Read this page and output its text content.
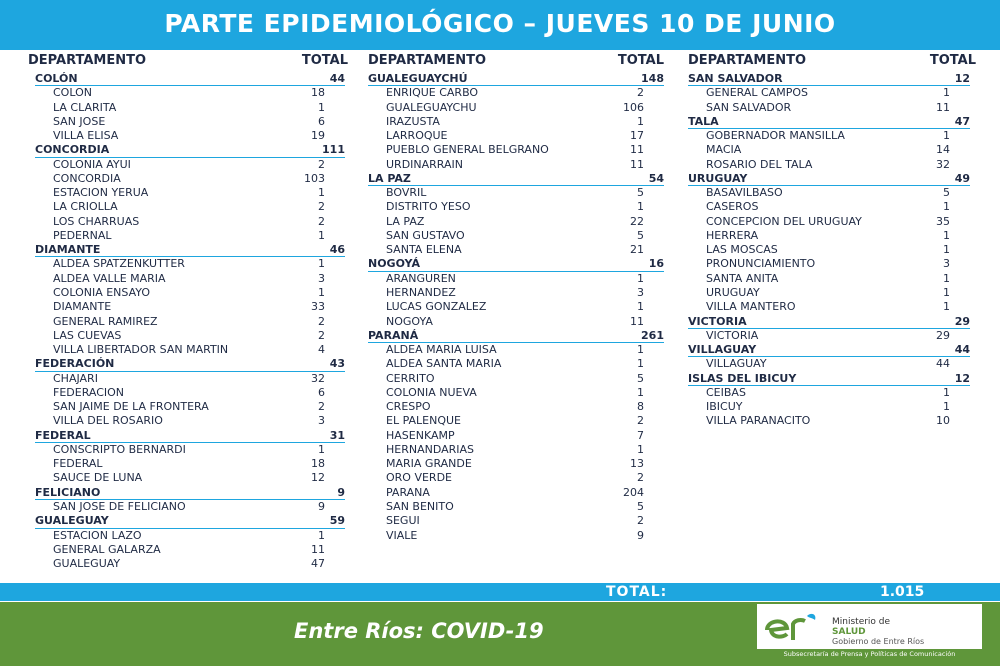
PARTE EPIDEMIOLÓGICO – JUEVES 10 DE JUNIO
DEPARTAMENTO	TOTAL DEPARTAMENTO	TOTAL DEPARTAMENTO	TOTAL
COLÓN	44
COLON	18
LA CLARITA	1
SAN JOSE	6
VILLA ELISA	19
CONCORDIA	111
COLONIA AYUI	2
CONCORDIA	103
ESTACION YERUA	1
LA CRIOLLA	2
LOS CHARRUAS	2
PEDERNAL	1
DIAMANTE	46
ALDEA SPATZENKUTTER	1
ALDEA VALLE MARIA	3
COLONIA ENSAYO	1
DIAMANTE	33
GENERAL RAMIREZ	2
LAS CUEVAS	2
VILLA LIBERTADOR SAN MARTIN	4
FEDERACIÓN	43
CHAJARI	32
FEDERACION	6
SAN JAIME DE LA FRONTERA	2
VILLA DEL ROSARIO	3
FEDERAL	31
CONSCRIPTO BERNARDI	1
FEDERAL	18
SAUCE DE LUNA	12
FELICIANO	9
SAN JOSE DE FELICIANO	9
GUALEGUAY	59
ESTACION LAZO	1
GENERAL GALARZA	11
GUALEGUAY	47
GUALEGUAYCHÚ	148
ENRIQUE CARBO	2
GUALEGUAYCHU	106
IRAZUSTA	1
LARROQUE	17
PUEBLO GENERAL BELGRANO	11
URDINARRAIN	11
LA PAZ	54
BOVRIL	5
DISTRITO YESO	1
LA PAZ	22
SAN GUSTAVO	5
SANTA ELENA	21
NOGOYÁ	16
ARANGUREN	1
HERNANDEZ	3
LUCAS GONZALEZ	1
NOGOYA	11
PARANÁ	261
ALDEA MARIA LUISA	1
ALDEA SANTA MARIA	1
CERRITO	5
COLONIA NUEVA	1
CRESPO	8
EL PALENQUE	2
HASENKAMP	7
HERNANDARIAS	1
MARIA GRANDE	13
ORO VERDE	2
PARANA	204
SAN BENITO	5
SEGUI	2
VIALE	9
SAN SALVADOR	12
GENERAL CAMPOS	1
SAN SALVADOR	11
TALA	47
GOBERNADOR MANSILLA	1
MACIA	14
ROSARIO DEL TALA	32
URUGUAY	49
BASAVILBASO	5
CASEROS	1
CONCEPCION DEL URUGUAY	35
HERRERA	1
LAS MOSCAS	1
PRONUNCIAMIENTO	3
SANTA ANITA	1
URUGUAY	1
VILLA MANTERO	1
VICTORIA	29
VICTORIA	29
VILLAGUAY	44
VILLAGUAY	44
ISLAS DEL IBICUY	12
CEIBAS	1
IBICUY	1
VILLA PARANACITO	10
TOTAL:	1.015
Entre Ríos: COVID-19	Ministerio de
SALUD
Gobierno de Entre Ríos
Subsecretaría de Prensa y Políticas de Comunicación
